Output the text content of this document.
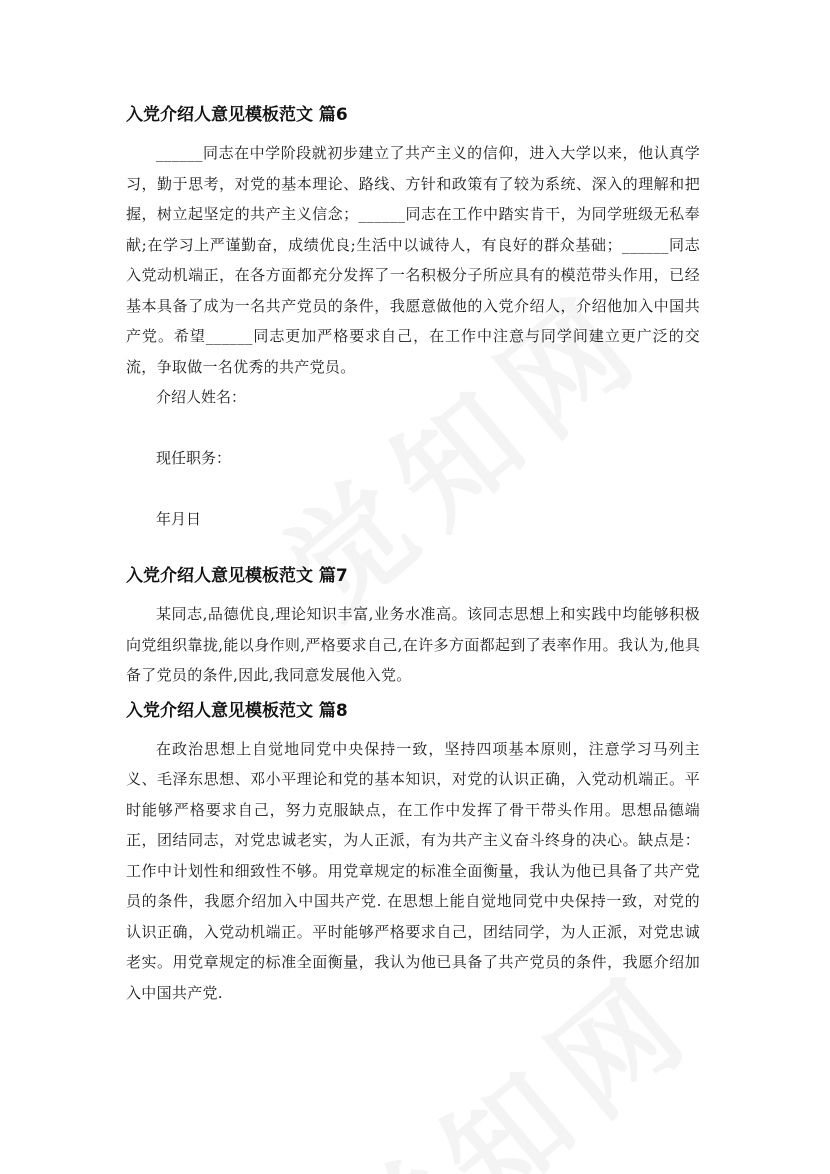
入党介绍人意见模板范文 篇6

______同志在中学阶段就初步建立了共产主义的信仰，进入大学以来，他认真学习，勤于思考，对党的基本理论、路线、方针和政策有了较为系统、深入的理解和把握，树立起坚定的共产主义信念；______同志在工作中踏实肯干，为同学班级无私奉献;在学习上严谨勤奋，成绩优良;生活中以诚待人，有良好的群众基础；______同志入党动机端正，在各方面都充分发挥了一名积极分子所应具有的模范带头作用，已经基本具备了成为一名共产党员的条件，我愿意做他的入党介绍人，介绍他加入中国共产党。希望______同志更加严格要求自己，在工作中注意与同学间建立更广泛的交流，争取做一名优秀的共产党员。

介绍人姓名：

现任职务：

年月日

入党介绍人意见模板范文 篇7

某同志,品德优良,理论知识丰富,业务水准高。该同志思想上和实践中均能够积极向党组织靠拢,能以身作则,严格要求自己,在许多方面都起到了表率作用。我认为,他具备了党员的条件,因此,我同意发展他入党。

入党介绍人意见模板范文 篇8

在政治思想上自觉地同党中央保持一致，坚持四项基本原则，注意学习马列主义、毛泽东思想、邓小平理论和党的基本知识，对党的认识正确，入党动机端正。平时能够严格要求自己，努力克服缺点，在工作中发挥了骨干带头作用。思想品德端正，团结同志，对党忠诚老实，为人正派，有为共产主义奋斗终身的决心。缺点是：工作中计划性和细致性不够。用党章规定的标准全面衡量，我认为他已具备了共产党员的条件，我愿介绍加入中国共产党. 在思想上能自觉地同党中央保持一致，对党的认识正确，入党动机端正。平时能够严格要求自己，团结同学，为人正派，对党忠诚老实。用党章规定的标准全面衡量，我认为他已具备了共产党员的条件，我愿介绍加入中国共产党.
